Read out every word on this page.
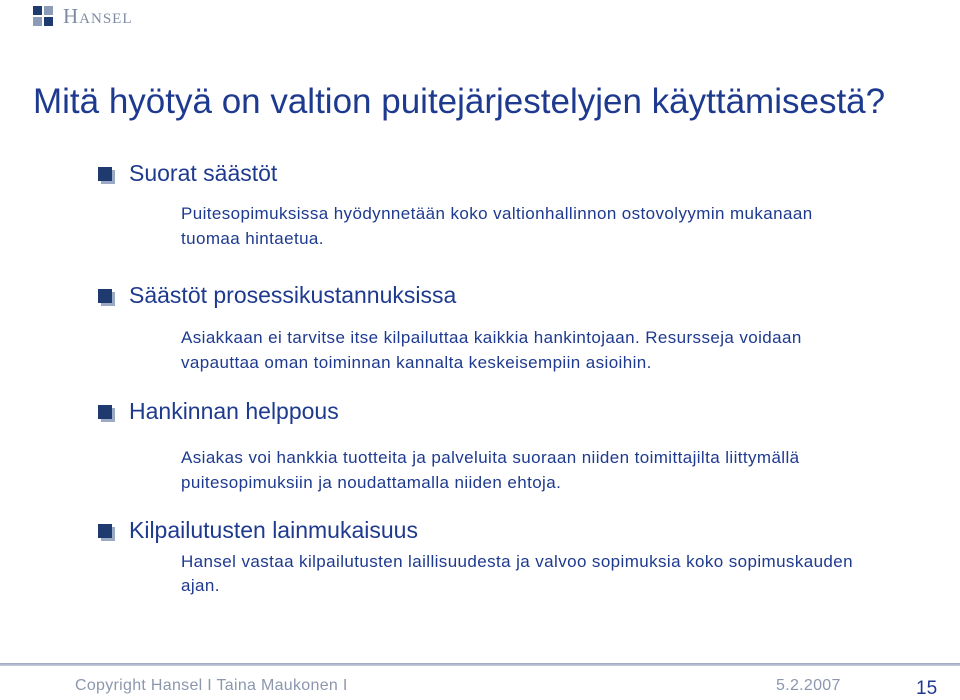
Hansel
Mitä hyötyä on valtion puitejärjestelyjen käyttämisestä?
Suorat säästöt
Puitesopimuksissa hyödynnetään koko valtionhallinnon ostovolyymin mukanaan tuomaa hintaetua.
Säästöt prosessikustannuksissa
Asiakkaan ei tarvitse itse kilpailuttaa kaikkia hankintojaan. Resursseja voidaan vapauttaa oman toiminnan kannalta keskeisempiin asioihin.
Hankinnan helppous
Asiakas voi hankkia tuotteita ja palveluita suoraan niiden toimittajilta liittymällä puitesopimuksiin ja noudattamalla niiden ehtoja.
Kilpailutusten lainmukaisuus
Hansel vastaa kilpailutusten laillisuudesta ja valvoo sopimuksia koko sopimuskauden ajan.
Copyright Hansel I Taina Maukonen I	5.2.2007	15
